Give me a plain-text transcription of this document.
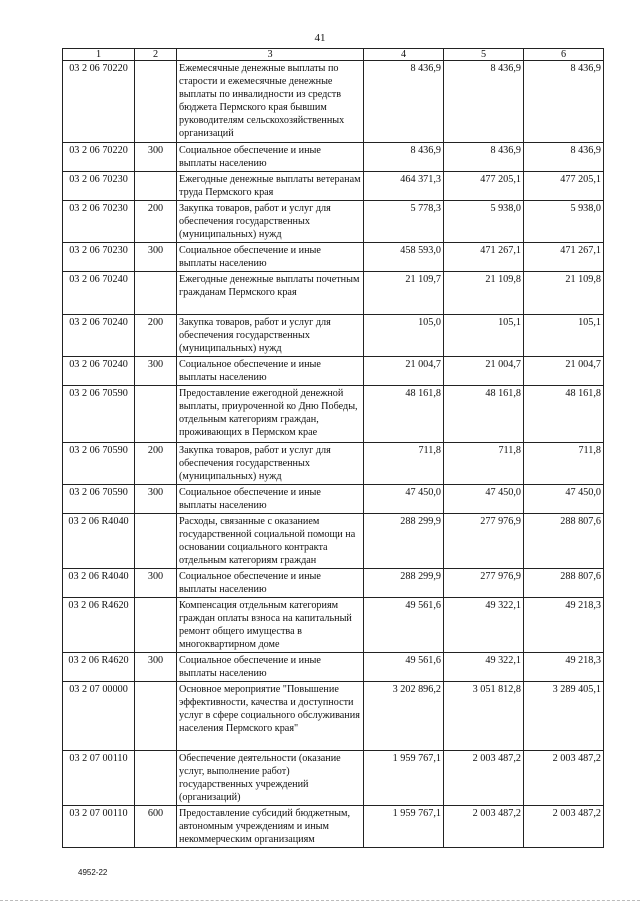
41
1	2	3	4	5	6
03 2 06 70220		Ежемесячные денежные выплаты по старости и ежемесячные денежные выплаты по инвалидности из средств бюджета Пермского края бывшим руководителям сельскохозяйственных организаций	8 436,9	8 436,9	8 436,9
03 2 06 70220	300	Социальное обеспечение и иные выплаты населению	8 436,9	8 436,9	8 436,9
03 2 06 70230		Ежегодные денежные выплаты ветеранам труда Пермского края	464 371,3	477 205,1	477 205,1
03 2 06 70230	200	Закупка товаров, работ и услуг для обеспечения государственных (муниципальных) нужд	5 778,3	5 938,0	5 938,0
03 2 06 70230	300	Социальное обеспечение и иные выплаты населению	458 593,0	471 267,1	471 267,1
03 2 06 70240		Ежегодные денежные выплаты почетным гражданам Пермского края	21 109,7	21 109,8	21 109,8
03 2 06 70240	200	Закупка товаров, работ и услуг для обеспечения государственных (муниципальных) нужд	105,0	105,1	105,1
03 2 06 70240	300	Социальное обеспечение и иные выплаты населению	21 004,7	21 004,7	21 004,7
03 2 06 70590		Предоставление ежегодной денежной выплаты, приуроченной ко Дню Победы, отдельным категориям граждан, проживающих в Пермском крае	48 161,8	48 161,8	48 161,8
03 2 06 70590	200	Закупка товаров, работ и услуг для обеспечения государственных (муниципальных) нужд	711,8	711,8	711,8
03 2 06 70590	300	Социальное обеспечение и иные выплаты населению	47 450,0	47 450,0	47 450,0
03 2 06 R4040		Расходы, связанные с оказанием государственной социальной помощи на основании социального контракта отдельным категориям граждан	288 299,9	277 976,9	288 807,6
03 2 06 R4040	300	Социальное обеспечение и иные выплаты населению	288 299,9	277 976,9	288 807,6
03 2 06 R4620		Компенсация отдельным категориям граждан оплаты взноса на капитальный ремонт общего имущества в многоквартирном доме	49 561,6	49 322,1	49 218,3
03 2 06 R4620	300	Социальное обеспечение и иные выплаты населению	49 561,6	49 322,1	49 218,3
03 2 07 00000		Основное мероприятие "Повышение эффективности, качества и доступности услуг в сфере социального обслуживания населения Пермского края"	3 202 896,2	3 051 812,8	3 289 405,1
03 2 07 00110		Обеспечение деятельности (оказание услуг, выполнение работ) государственных учреждений (организаций)	1 959 767,1	2 003 487,2	2 003 487,2
03 2 07 00110	600	Предоставление субсидий бюджетным, автономным учреждениям и иным некоммерческим организациям	1 959 767,1	2 003 487,2	2 003 487,2
4952-22
